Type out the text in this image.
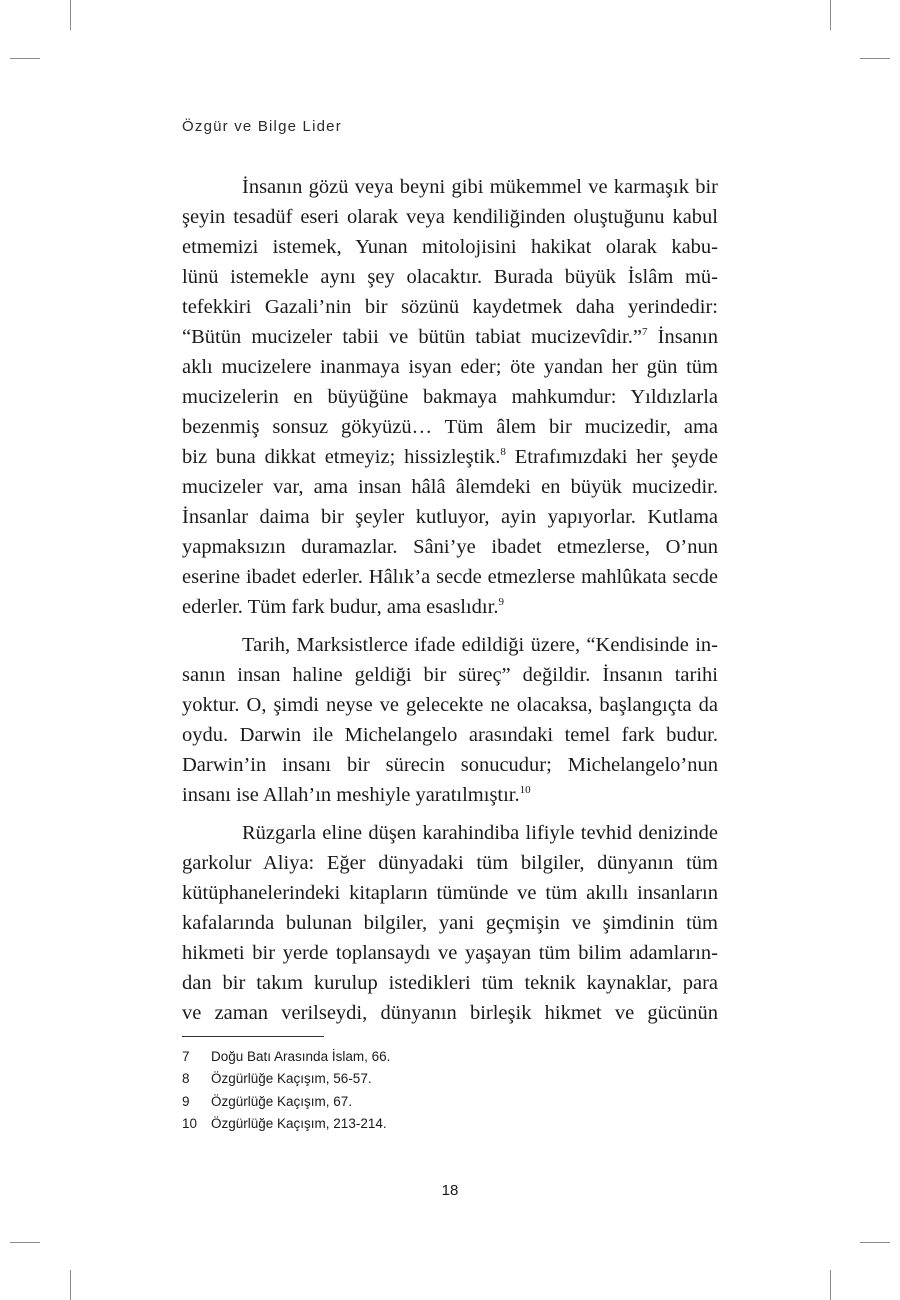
Özgür ve Bilge Lider

İnsanın gözü veya beyni gibi mükemmel ve karmaşık bir
şeyin tesadüf eseri olarak veya kendiliğinden oluştuğunu kabul
etmemizi istemek, Yunan mitolojisini hakikat olarak kabu-
lünü istemekle aynı şey olacaktır. Burada büyük İslâm mü-
tefekkiri Gazali’nin bir sözünü kaydetmek daha yerindedir:
“Bütün mucizeler tabii ve bütün tabiat mucizevîdir.”$^7$ İnsanın
aklı mucizelere inanmaya isyan eder; öte yandan her gün tüm
mucizelerin en büyüğüne bakmaya mahkumdur: Yıldızlarla
bezenmiş sonsuz gökyüzü… Tüm âlem bir mucizedir, ama
biz buna dikkat etmeyiz; hissizleştik.$^8$ Etrafımızdaki her şeyde
mucizeler var, ama insan hâlâ âlemdeki en büyük mucizedir.
İnsanlar daima bir şeyler kutluyor, ayin yapıyorlar. Kutlama
yapmaksızın duramazlar. Sâni’ye ibadet etmezlerse, O’nun
eserine ibadet ederler. Hâlık’a secde etmezlerse mahlûkata secde
ederler. Tüm fark budur, ama esaslıdır.$^9$

Tarih, Marksistlerce ifade edildiği üzere, “Kendisinde in-
sanın insan haline geldiği bir süreç” değildir. İnsanın tarihi
yoktur. O, şimdi neyse ve gelecekte ne olacaksa, başlangıçta da
oydu. Darwin ile Michelangelo arasındaki temel fark budur.
Darwin’in insanı bir sürecin sonucudur; Michelangelo’nun
insanı ise Allah’ın meshiyle yaratılmıştır.$^{10}$

Rüzgarla eline düşen karahindiba lifiyle tevhid denizinde
garkolur Aliya: Eğer dünyadaki tüm bilgiler, dünyanın tüm
kütüphanelerindeki kitapların tümünde ve tüm akıllı insanların
kafalarında bulunan bilgiler, yani geçmişin ve şimdinin tüm
hikmeti bir yerde toplansaydı ve yaşayan tüm bilim adamların-
dan bir takım kurulup istedikleri tüm teknik kaynaklar, para
ve zaman verilseydi, dünyanın birleşik hikmet ve gücünün

7	Doğu Batı Arasında İslam, 66.
8	Özgürlüğe Kaçışım, 56-57.
9	Özgürlüğe Kaçışım, 67.
10	Özgürlüğe Kaçışım, 213-214.
18
